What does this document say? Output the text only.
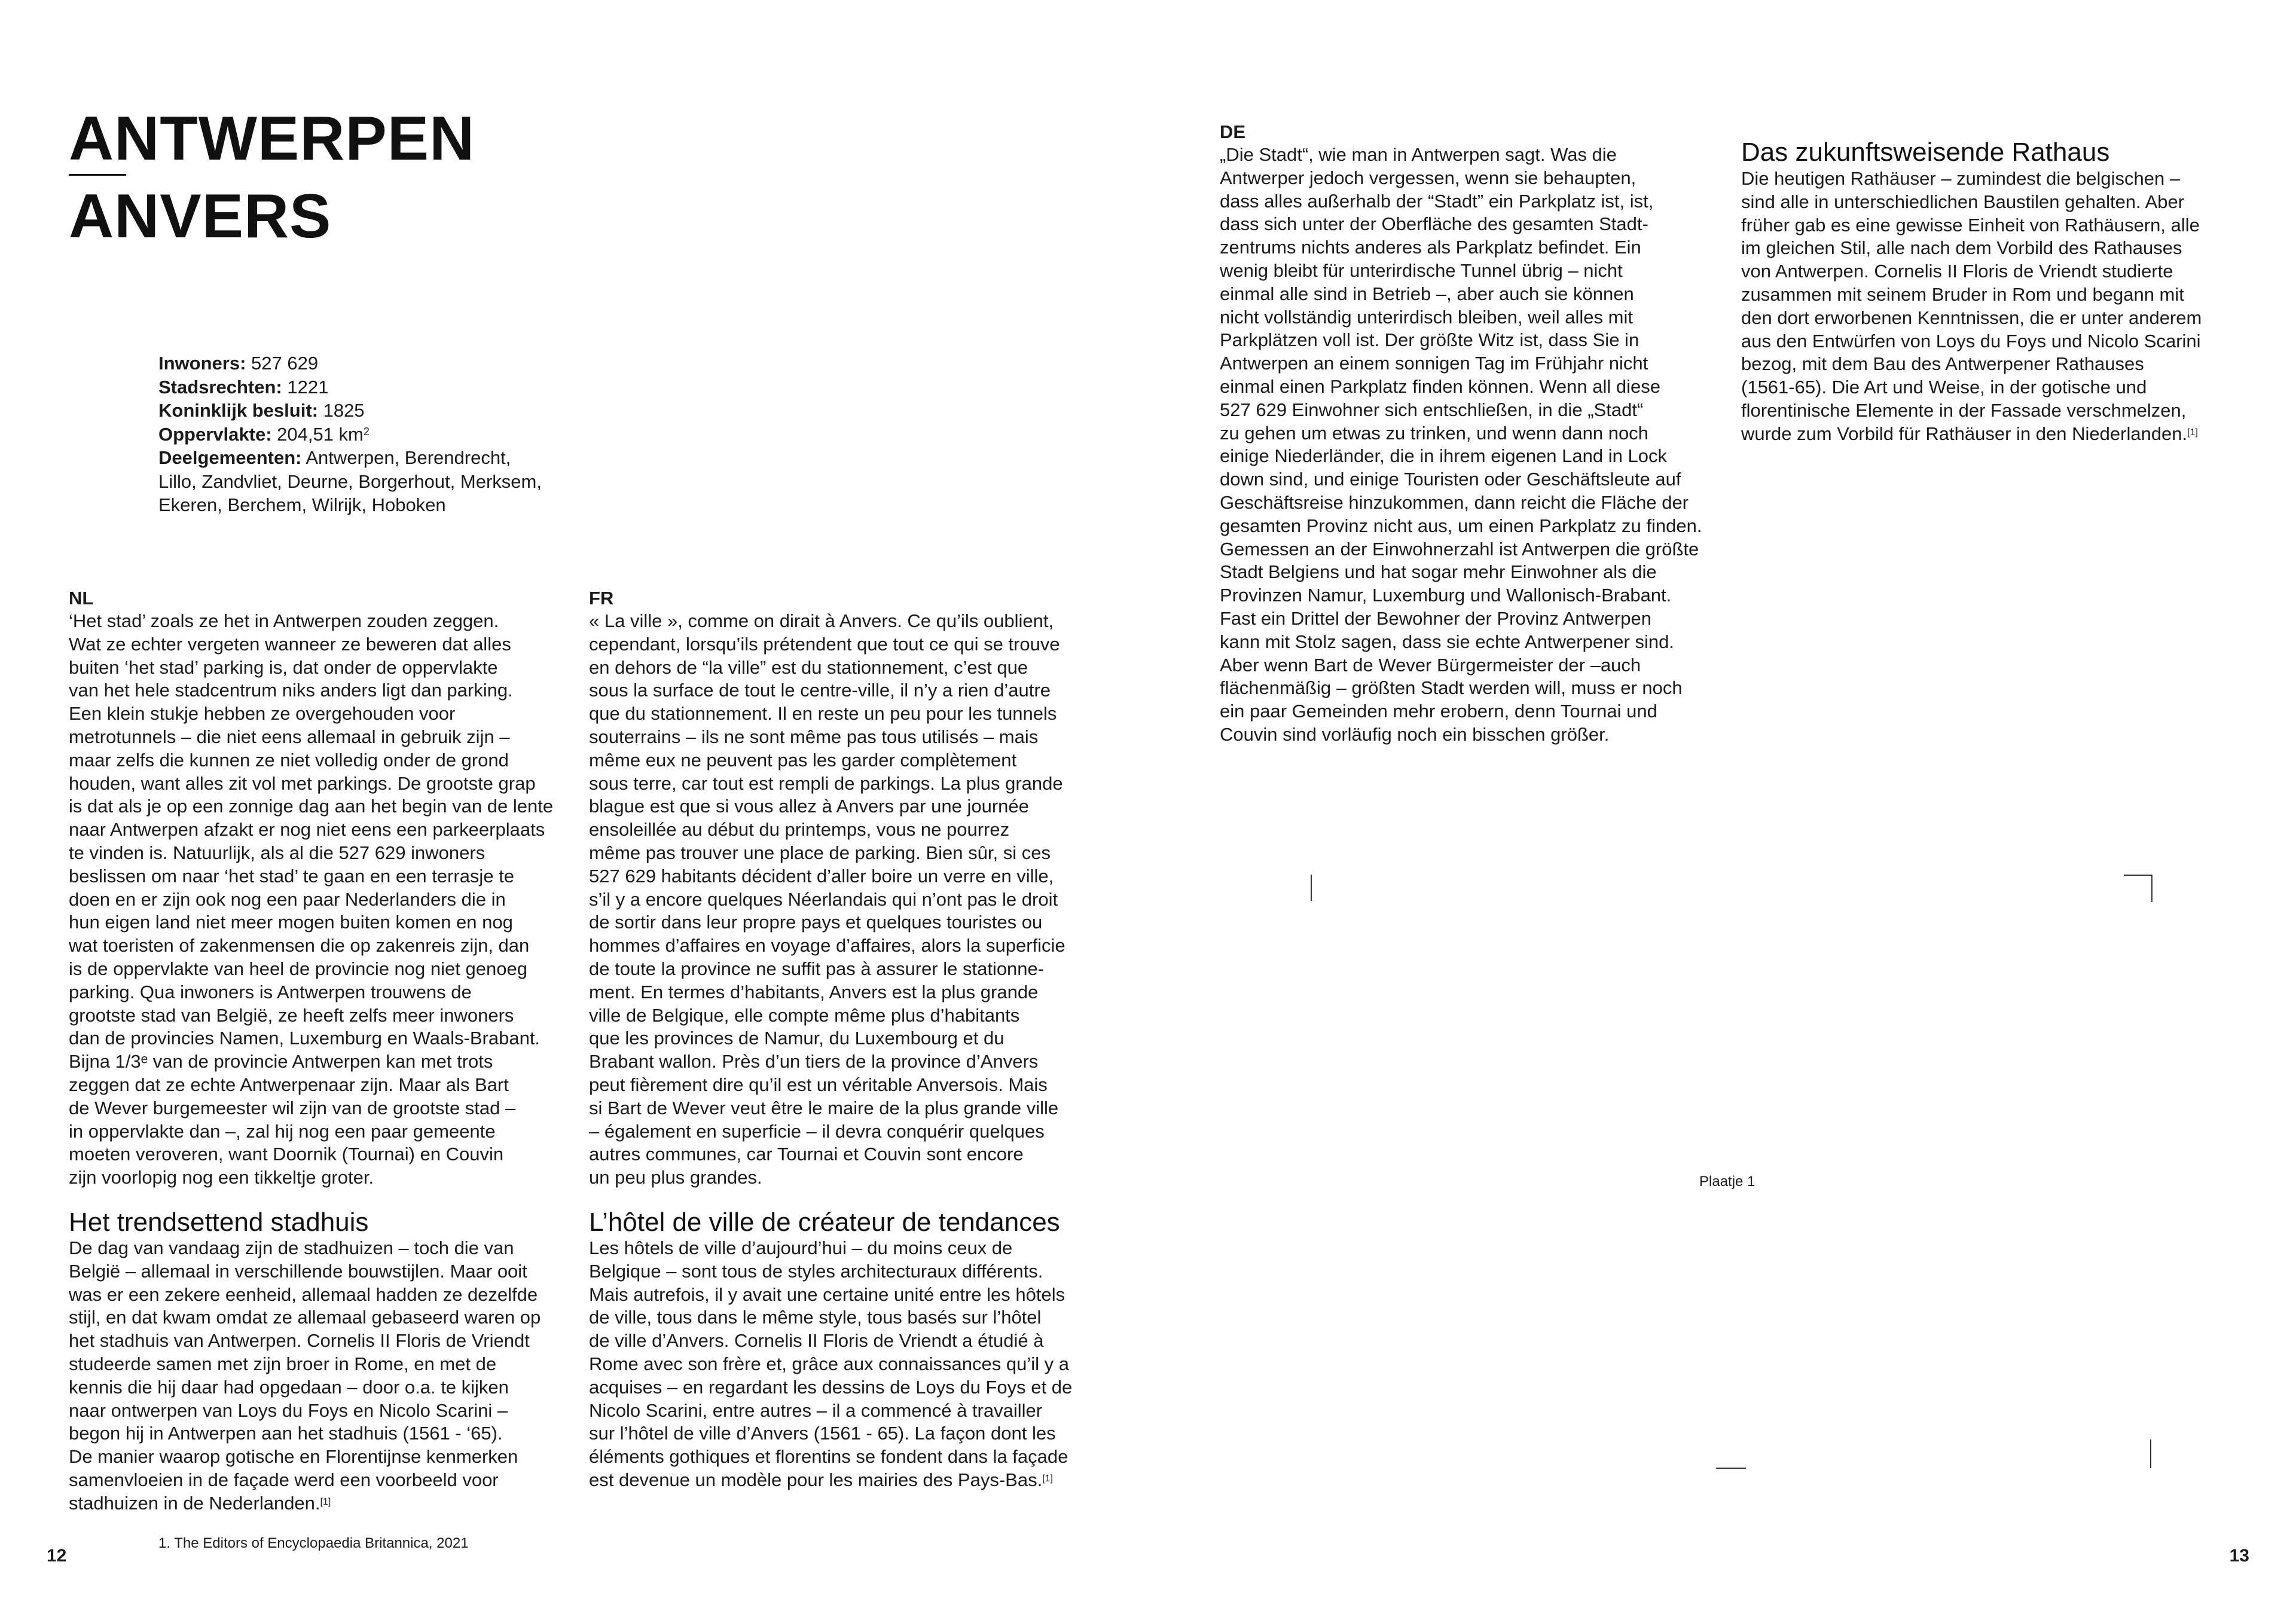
ANTWERPEN
ANVERS
Inwoners: 527 629
Stadsrechten: 1221
Koninklijk besluit: 1825
Oppervlakte: 204,51 $km^2$
Deelgemeenten: Antwerpen, Berendrecht,
Lillo, Zandvliet, Deurne, Borgerhout, Merksem,
Ekeren, Berchem, Wilrijk, Hoboken
NL
‘Het stad’ zoals ze het in Antwerpen zouden zeggen.
Wat ze echter vergeten wanneer ze beweren dat alles
buiten ‘het stad’ parking is, dat onder de oppervlakte
van het hele stadcentrum niks anders ligt dan parking.
Een klein stukje hebben ze overgehouden voor
metrotunnels – die niet eens allemaal in gebruik zijn –
maar zelfs die kunnen ze niet volledig onder de grond
houden, want alles zit vol met parkings. De grootste grap
is dat als je op een zonnige dag aan het begin van de lente
naar Antwerpen afzakt er nog niet eens een parkeerplaats
te vinden is. Natuurlijk, als al die 527 629 inwoners
beslissen om naar ‘het stad’ te gaan en een terrasje te
doen en er zijn ook nog een paar Nederlanders die in
hun eigen land niet meer mogen buiten komen en nog
wat toeristen of zakenmensen die op zakenreis zijn, dan
is de oppervlakte van heel de provincie nog niet genoeg
parking. Qua inwoners is Antwerpen trouwens de
grootste stad van België, ze heeft zelfs meer inwoners
dan de provincies Namen, Luxemburg en Waals-Brabant.
Bijna 1/3ᵉ van de provincie Antwerpen kan met trots
zeggen dat ze echte Antwerpenaar zijn. Maar als Bart
de Wever burgemeester wil zijn van de grootste stad –
in oppervlakte dan –, zal hij nog een paar gemeente
moeten veroveren, want Doornik (Tournai) en Couvin
zijn voorlopig nog een tikkeltje groter.
Het trendsettend stadhuis
De dag van vandaag zijn de stadhuizen – toch die van
België – allemaal in verschillende bouwstijlen. Maar ooit
was er een zekere eenheid, allemaal hadden ze dezelfde
stijl, en dat kwam omdat ze allemaal gebaseerd waren op
het stadhuis van Antwerpen. Cornelis II Floris de Vriendt
studeerde samen met zijn broer in Rome, en met de
kennis die hij daar had opgedaan – door o.a. te kijken
naar ontwerpen van Loys du Foys en Nicolo Scarini –
begon hij in Antwerpen aan het stadhuis (1561 - ‘65).
De manier waarop gotische en Florentijnse kenmerken
samenvloeien in de façade werd een voorbeeld voor
stadhuizen in de Nederlanden.[1]
FR
« La ville », comme on dirait à Anvers. Ce qu’ils oublient,
cependant, lorsqu’ils prétendent que tout ce qui se trouve
en dehors de “la ville” est du stationnement, c’est que
sous la surface de tout le centre-ville, il n’y a rien d’autre
que du stationnement. Il en reste un peu pour les tunnels
souterrains – ils ne sont même pas tous utilisés – mais
même eux ne peuvent pas les garder complètement
sous terre, car tout est rempli de parkings. La plus grande
blague est que si vous allez à Anvers par une journée
ensoleillée au début du printemps, vous ne pourrez
même pas trouver une place de parking. Bien sûr, si ces
527 629 habitants décident d’aller boire un verre en ville,
s’il y a encore quelques Néerlandais qui n’ont pas le droit
de sortir dans leur propre pays et quelques touristes ou
hommes d’affaires en voyage d’affaires, alors la superficie
de toute la province ne suffit pas à assurer le stationne-
ment. En termes d’habitants, Anvers est la plus grande
ville de Belgique, elle compte même plus d’habitants
que les provinces de Namur, du Luxembourg et du
Brabant wallon. Près d’un tiers de la province d’Anvers
peut fièrement dire qu’il est un véritable Anversois. Mais
si Bart de Wever veut être le maire de la plus grande ville
– également en superficie – il devra conquérir quelques
autres communes, car Tournai et Couvin sont encore
un peu plus grandes.
L’hôtel de ville de créateur de tendances
Les hôtels de ville d’aujourd’hui – du moins ceux de
Belgique – sont tous de styles architecturaux différents.
Mais autrefois, il y avait une certaine unité entre les hôtels
de ville, tous dans le même style, tous basés sur l’hôtel
de ville d’Anvers. Cornelis II Floris de Vriendt a étudié à
Rome avec son frère et, grâce aux connaissances qu’il y a
acquises – en regardant les dessins de Loys du Foys et de
Nicolo Scarini, entre autres – il a commencé à travailler
sur l’hôtel de ville d’Anvers (1561 - 65). La façon dont les
éléments gothiques et florentins se fondent dans la façade
est devenue un modèle pour les mairies des Pays-Bas.[1]
1. The Editors of Encyclopaedia Britannica, 2021
12
DE
„Die Stadt“, wie man in Antwerpen sagt. Was die
Antwerper jedoch vergessen, wenn sie behaupten,
dass alles außerhalb der “Stadt” ein Parkplatz ist, ist,
dass sich unter der Oberfläche des gesamten Stadt-
zentrums nichts anderes als Parkplatz befindet. Ein
wenig bleibt für unterirdische Tunnel übrig – nicht
einmal alle sind in Betrieb –, aber auch sie können
nicht vollständig unterirdisch bleiben, weil alles mit
Parkplätzen voll ist. Der größte Witz ist, dass Sie in
Antwerpen an einem sonnigen Tag im Frühjahr nicht
einmal einen Parkplatz finden können. Wenn all diese
527 629 Einwohner sich entschließen, in die „Stadt“
zu gehen um etwas zu trinken, und wenn dann noch
einige Niederländer, die in ihrem eigenen Land in Lock
down sind, und einige Touristen oder Geschäftsleute auf
Geschäftsreise hinzukommen, dann reicht die Fläche der
gesamten Provinz nicht aus, um einen Parkplatz zu finden.
Gemessen an der Einwohnerzahl ist Antwerpen die größte
Stadt Belgiens und hat sogar mehr Einwohner als die
Provinzen Namur, Luxemburg und Wallonisch-Brabant.
Fast ein Drittel der Bewohner der Provinz Antwerpen
kann mit Stolz sagen, dass sie echte Antwerpener sind.
Aber wenn Bart de Wever Bürgermeister der –auch
flächenmäßig – größten Stadt werden will, muss er noch
ein paar Gemeinden mehr erobern, denn Tournai und
Couvin sind vorläufig noch ein bisschen größer.
Das zukunftsweisende Rathaus
Die heutigen Rathäuser – zumindest die belgischen –
sind alle in unterschiedlichen Baustilen gehalten. Aber
früher gab es eine gewisse Einheit von Rathäusern, alle
im gleichen Stil, alle nach dem Vorbild des Rathauses
von Antwerpen. Cornelis II Floris de Vriendt studierte
zusammen mit seinem Bruder in Rom und begann mit
den dort erworbenen Kenntnissen, die er unter anderem
aus den Entwürfen von Loys du Foys und Nicolo Scarini
bezog, mit dem Bau des Antwerpener Rathauses
(1561-65). Die Art und Weise, in der gotische und
florentinische Elemente in der Fassade verschmelzen,
wurde zum Vorbild für Rathäuser in den Niederlanden.[1]
Plaatje 1
13
